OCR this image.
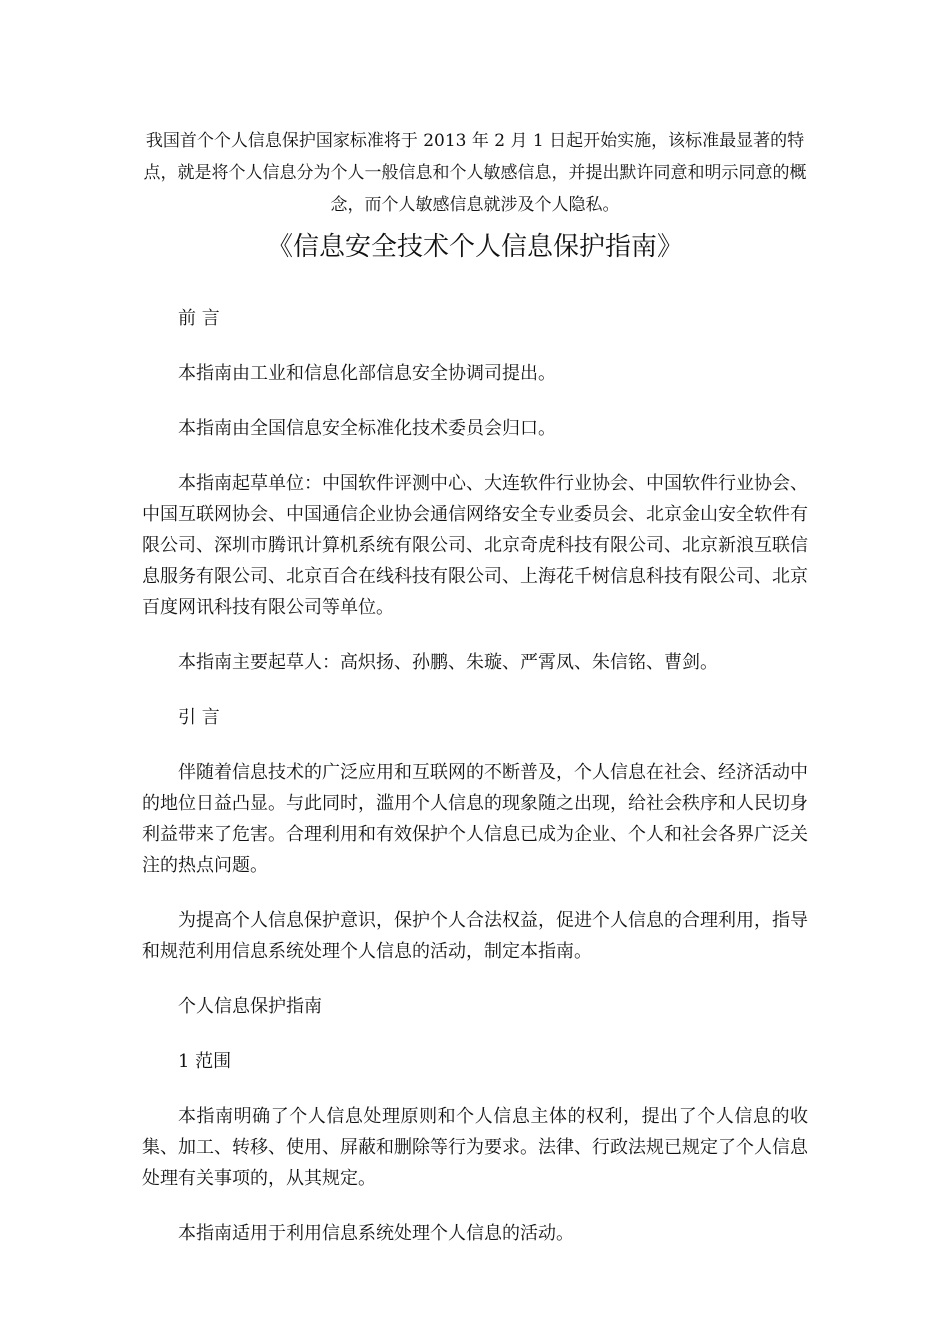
我国首个个人信息保护国家标准将于 2013 年 2 月 1 日起开始实施，该标准最显著的特点，就是将个人信息分为个人一般信息和个人敏感信息，并提出默许同意和明示同意的概念，而个人敏感信息就涉及个人隐私。
《信息安全技术个人信息保护指南》

前 言

本指南由工业和信息化部信息安全协调司提出。

本指南由全国信息安全标准化技术委员会归口。

本指南起草单位：中国软件评测中心、大连软件行业协会、中国软件行业协会、中国互联网协会、中国通信企业协会通信网络安全专业委员会、北京金山安全软件有限公司、深圳市腾讯计算机系统有限公司、北京奇虎科技有限公司、北京新浪互联信息服务有限公司、北京百合在线科技有限公司、上海花千树信息科技有限公司、北京百度网讯科技有限公司等单位。

本指南主要起草人：高炽扬、孙鹏、朱璇、严霄凤、朱信铭、曹剑。

引 言

伴随着信息技术的广泛应用和互联网的不断普及，个人信息在社会、经济活动中的地位日益凸显。与此同时，滥用个人信息的现象随之出现，给社会秩序和人民切身利益带来了危害。合理利用和有效保护个人信息已成为企业、个人和社会各界广泛关注的热点问题。

为提高个人信息保护意识，保护个人合法权益，促进个人信息的合理利用，指导和规范利用信息系统处理个人信息的活动，制定本指南。

个人信息保护指南

1 范围

本指南明确了个人信息处理原则和个人信息主体的权利，提出了个人信息的收集、加工、转移、使用、屏蔽和删除等行为要求。法律、行政法规已规定了个人信息处理有关事项的，从其规定。

本指南适用于利用信息系统处理个人信息的活动。
